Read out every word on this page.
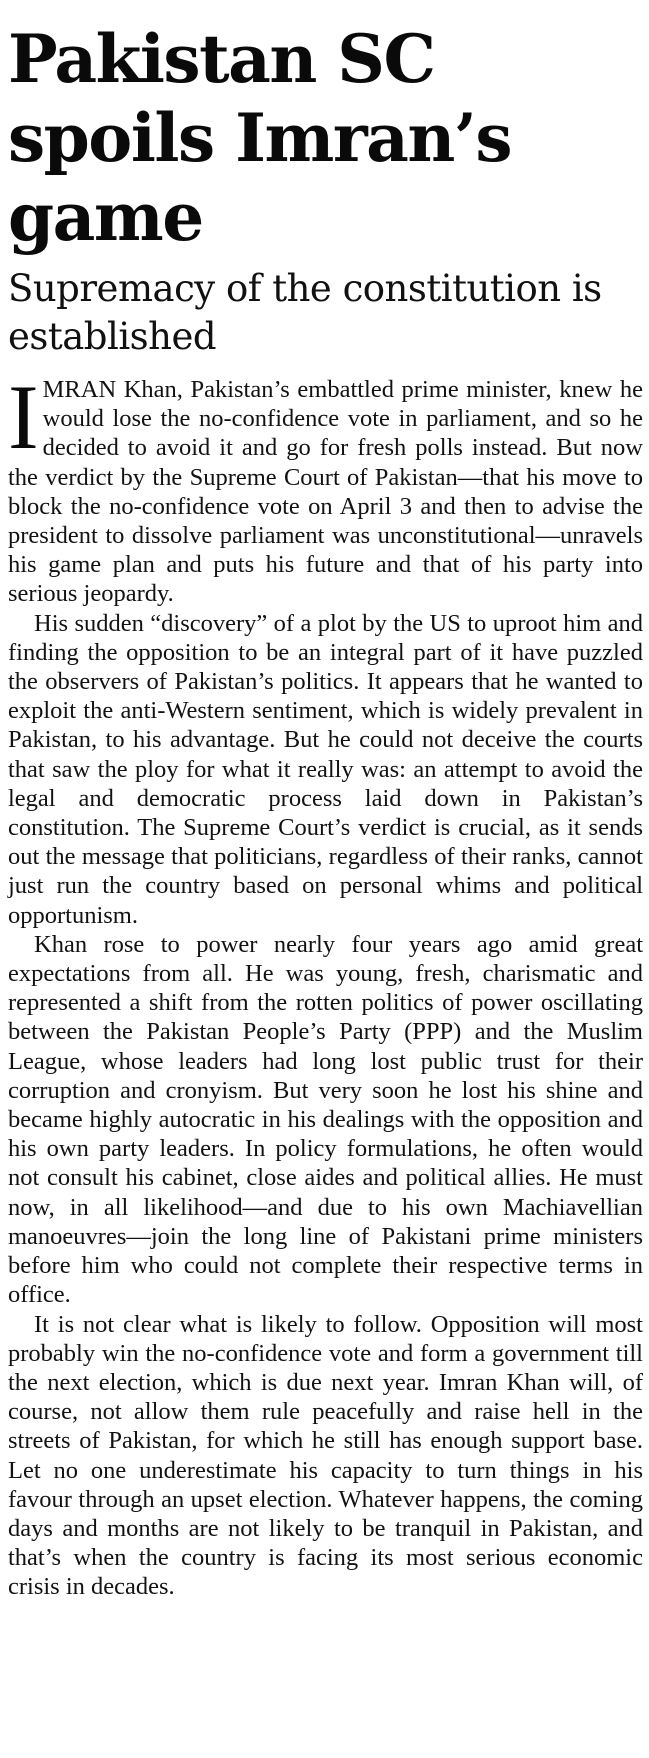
Pakistan SC spoils Imran’s game
Supremacy of the constitution is established

IMRAN Khan, Pakistan’s embattled prime minister, knew he would lose the no-confidence vote in parliament, and so he decided to avoid it and go for fresh polls instead. But now the verdict by the Supreme Court of Pakistan—that his move to block the no-confidence vote on April 3 and then to advise the president to dissolve parliament was unconstitutional—unravels his game plan and puts his future and that of his party into serious jeopardy.

His sudden “discovery” of a plot by the US to uproot him and finding the opposition to be an integral part of it have puzzled the observers of Pakistan’s politics. It appears that he wanted to exploit the anti-Western sentiment, which is widely prevalent in Pakistan, to his advantage. But he could not deceive the courts that saw the ploy for what it really was: an attempt to avoid the legal and democratic process laid down in Pakistan’s constitution. The Supreme Court’s verdict is crucial, as it sends out the message that politicians, regardless of their ranks, cannot just run the country based on personal whims and political opportunism.

Khan rose to power nearly four years ago amid great expectations from all. He was young, fresh, charismatic and represented a shift from the rotten politics of power oscillating between the Pakistan People’s Party (PPP) and the Muslim League, whose leaders had long lost public trust for their corruption and cronyism. But very soon he lost his shine and became highly autocratic in his dealings with the opposition and his own party leaders. In policy formulations, he often would not consult his cabinet, close aides and political allies. He must now, in all likelihood—and due to his own Machiavellian manoeuvres—join the long line of Pakistani prime ministers before him who could not complete their respective terms in office.

It is not clear what is likely to follow. Opposition will most probably win the no-confidence vote and form a government till the next election, which is due next year. Imran Khan will, of course, not allow them rule peacefully and raise hell in the streets of Pakistan, for which he still has enough support base. Let no one underestimate his capacity to turn things in his favour through an upset election. Whatever happens, the coming days and months are not likely to be tranquil in Pakistan, and that’s when the country is facing its most serious economic crisis in decades.
